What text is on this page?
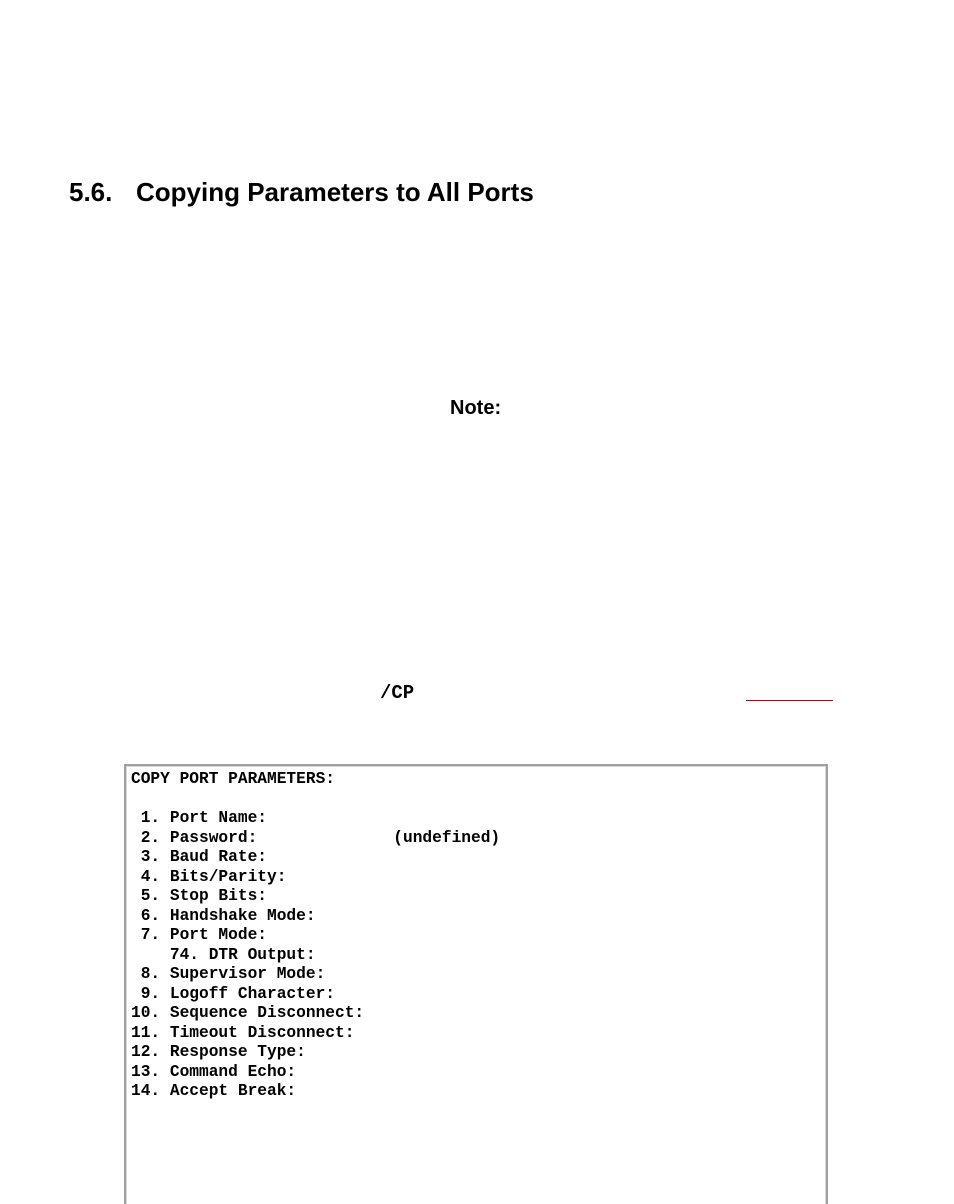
5.6. Copying Parameters to All Ports
Note:
/CP
COPY PORT PARAMETERS:
1. Port Name:
2. Password:              (undefined)
3. Baud Rate:
4. Bits/Parity:
5. Stop Bits:
6. Handshake Mode:
7. Port Mode:
74. DTR Output:
8. Supervisor Mode:
9. Logoff Character:
10. Sequence Disconnect:
11. Timeout Disconnect:
12. Response Type:
13. Command Echo:
14. Accept Break:
